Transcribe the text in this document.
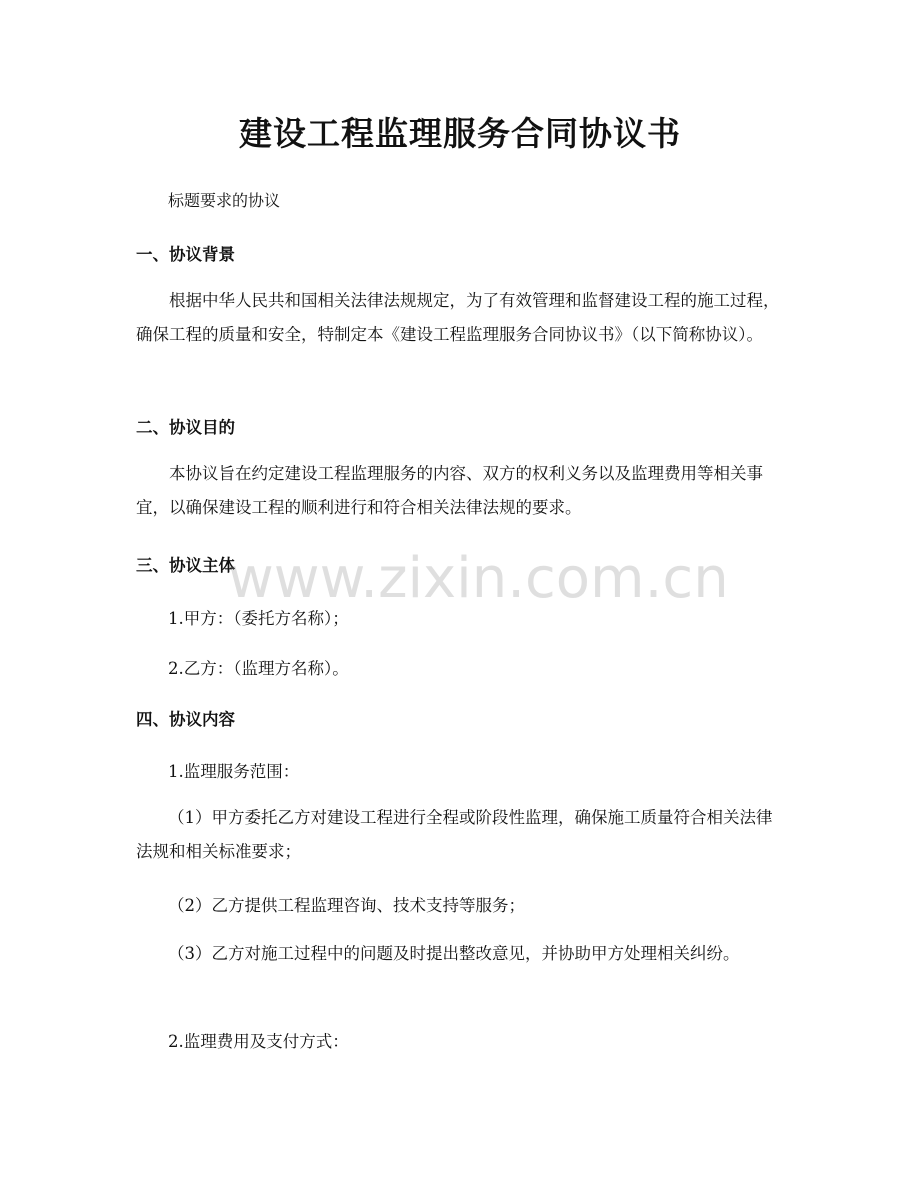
建设工程监理服务合同协议书
标题要求的协议
一、协议背景
根据中华人民共和国相关法律法规规定，为了有效管理和监督建设工程的施工过程，确保工程的质量和安全，特制定本《建设工程监理服务合同协议书》（以下简称协议）。
二、协议目的
本协议旨在约定建设工程监理服务的内容、双方的权利义务以及监理费用等相关事宜，以确保建设工程的顺利进行和符合相关法律法规的要求。
三、协议主体
1.甲方：（委托方名称）；
2.乙方：（监理方名称）。
四、协议内容
1.监理服务范围：
（1）甲方委托乙方对建设工程进行全程或阶段性监理，确保施工质量符合相关法律法规和相关标准要求；
（2）乙方提供工程监理咨询、技术支持等服务；
（3）乙方对施工过程中的问题及时提出整改意见，并协助甲方处理相关纠纷。
2.监理费用及支付方式：
www.zixin.com.cn
